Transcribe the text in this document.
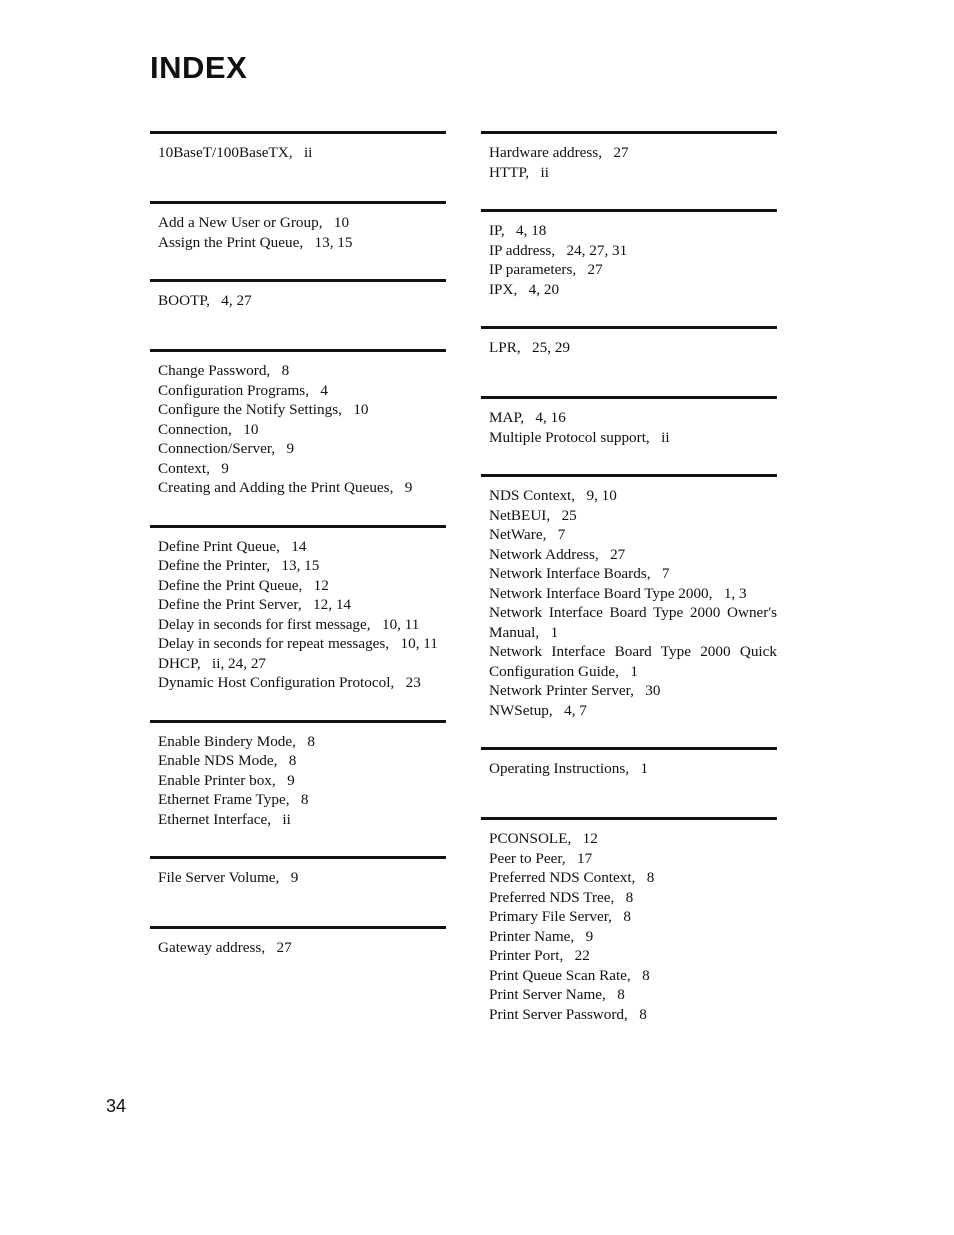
INDEX
10BaseT/100BaseTX, ii
Add a New User or Group, 10
Assign the Print Queue, 13, 15
BOOTP, 4, 27
Change Password, 8
Configuration Programs, 4
Configure the Notify Settings, 10
Connection, 10
Connection/Server, 9
Context, 9
Creating and Adding the Print Queues, 9
Define Print Queue, 14
Define the Printer, 13, 15
Define the Print Queue, 12
Define the Print Server, 12, 14
Delay in seconds for first message, 10, 11
Delay in seconds for repeat messages, 10, 11
DHCP, ii, 24, 27
Dynamic Host Configuration Protocol, 23
Enable Bindery Mode, 8
Enable NDS Mode, 8
Enable Printer box, 9
Ethernet Frame Type, 8
Ethernet Interface, ii
File Server Volume, 9
Gateway address, 27
Hardware address, 27
HTTP, ii
IP, 4, 18
IP address, 24, 27, 31
IP parameters, 27
IPX, 4, 20
LPR, 25, 29
MAP, 4, 16
Multiple Protocol support, ii
NDS Context, 9, 10
NetBEUI, 25
NetWare, 7
Network Address, 27
Network Interface Boards, 7
Network Interface Board Type 2000, 1, 3
Network Interface Board Type 2000 Owner's Manual, 1
Network Interface Board Type 2000 Quick Configuration Guide, 1
Network Printer Server, 30
NWSetup, 4, 7
Operating Instructions, 1
PCONSOLE, 12
Peer to Peer, 17
Preferred NDS Context, 8
Preferred NDS Tree, 8
Primary File Server, 8
Printer Name, 9
Printer Port, 22
Print Queue Scan Rate, 8
Print Server Name, 8
Print Server Password, 8
34
